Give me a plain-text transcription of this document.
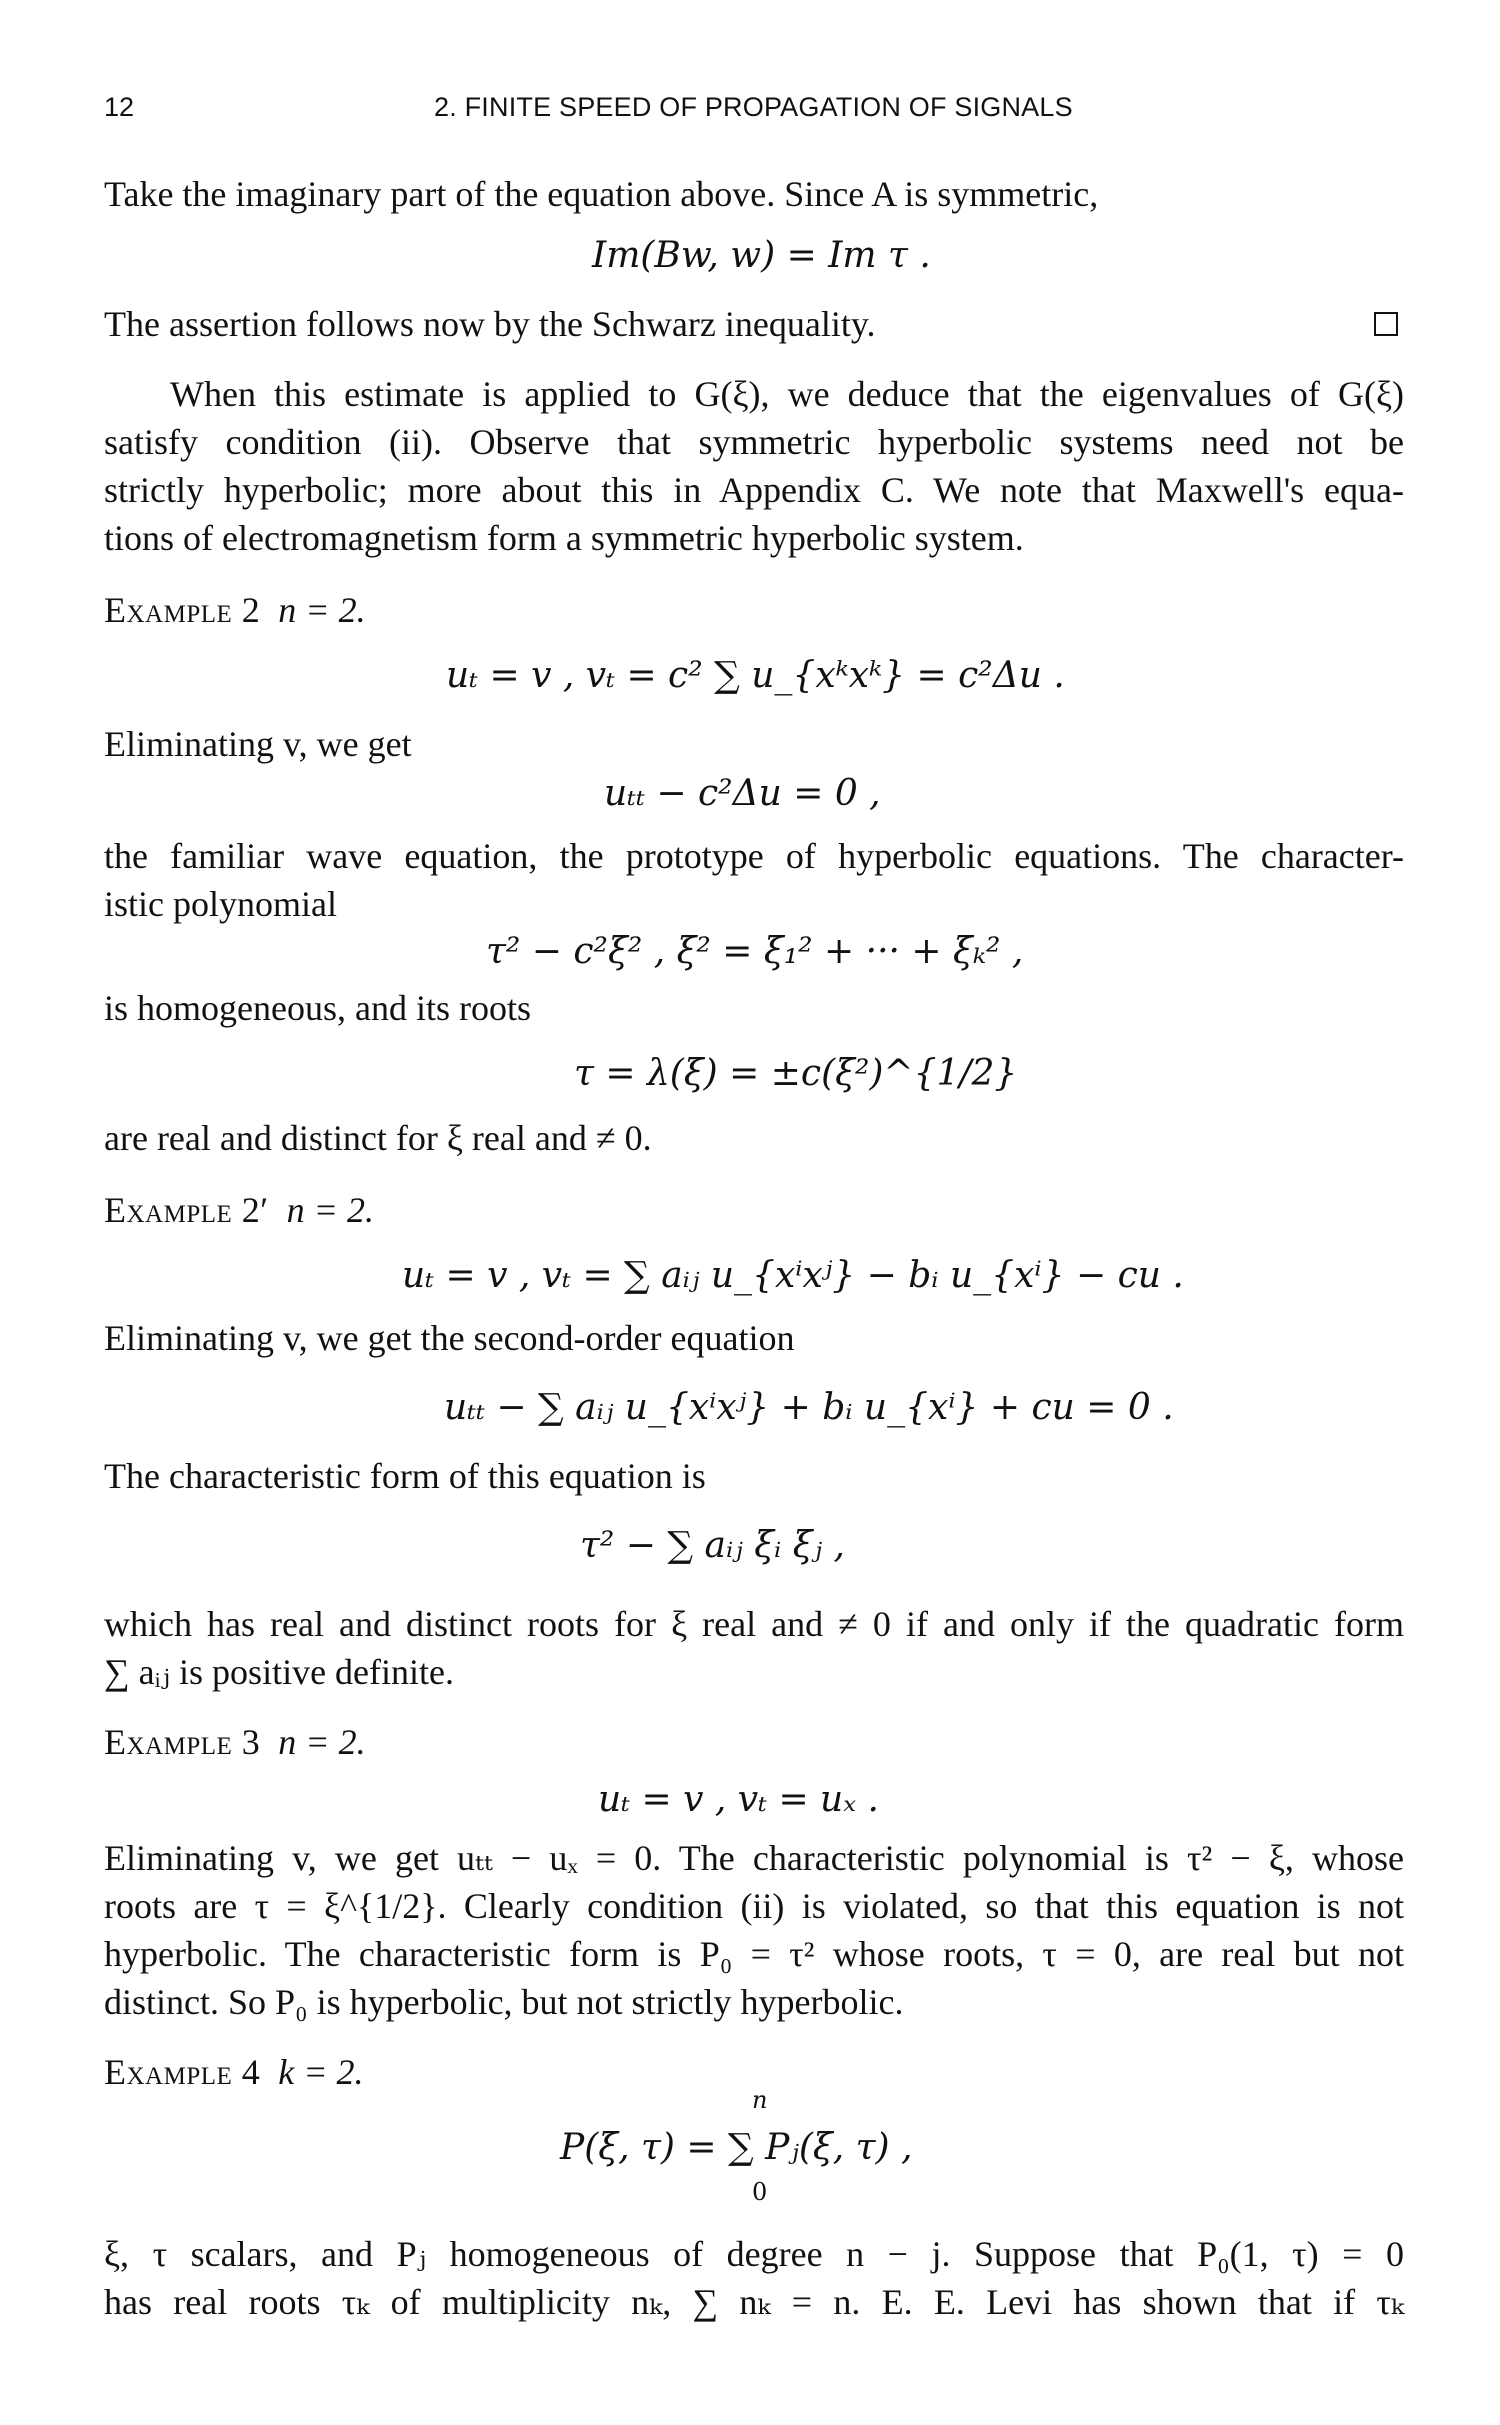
12	2. FINITE SPEED OF PROPAGATION OF SIGNALS
Take the imaginary part of the equation above. Since A is symmetric,
Im(Bw, w) = Im τ .
The assertion follows now by the Schwarz inequality.
When this estimate is applied to G(ξ), we deduce that the eigenvalues of G(ξ)
satisfy condition (ii). Observe that symmetric hyperbolic systems need not be
strictly hyperbolic; more about this in Appendix C. We note that Maxwell's equa-
tions of electromagnetism form a symmetric hyperbolic system.
Example 2 n = 2.
uₜ = v , vₜ = c² ∑ u_{xᵏxᵏ} = c²Δu .
Eliminating v, we get
uₜₜ − c²Δu = 0 ,
the familiar wave equation, the prototype of hyperbolic equations. The character-
istic polynomial
τ² − c²ξ² , ξ² = ξ₁² + ··· + ξₖ² ,
is homogeneous, and its roots
τ = λ(ξ) = ±c(ξ²)^{1/2}
are real and distinct for ξ real and ≠ 0.
Example 2′ n = 2.
uₜ = v , vₜ = ∑ aᵢⱼ u_{xⁱxʲ} − bᵢ u_{xⁱ} − cu .
Eliminating v, we get the second-order equation
uₜₜ − ∑ aᵢⱼ u_{xⁱxʲ} + bᵢ u_{xⁱ} + cu = 0 .
The characteristic form of this equation is
τ² − ∑ aᵢⱼ ξᵢ ξⱼ ,
which has real and distinct roots for ξ real and ≠ 0 if and only if the quadratic form
∑ aᵢⱼ is positive definite.
Example 3 n = 2.
uₜ = v , vₜ = uₓ .
Eliminating v, we get uₜₜ − uₓ = 0. The characteristic polynomial is τ² − ξ, whose
roots are τ = ξ^{1/2}. Clearly condition (ii) is violated, so that this equation is not
hyperbolic. The characteristic form is P₀ = τ² whose roots, τ = 0, are real but not
distinct. So P₀ is hyperbolic, but not strictly hyperbolic.
Example 4 k = 2.
n
P(ξ, τ) = ∑ Pⱼ(ξ, τ) ,
0
ξ, τ scalars, and Pⱼ homogeneous of degree n − j. Suppose that P₀(1, τ) = 0
has real roots τₖ of multiplicity nₖ, ∑ nₖ = n. E. E. Levi has shown that if τₖ
